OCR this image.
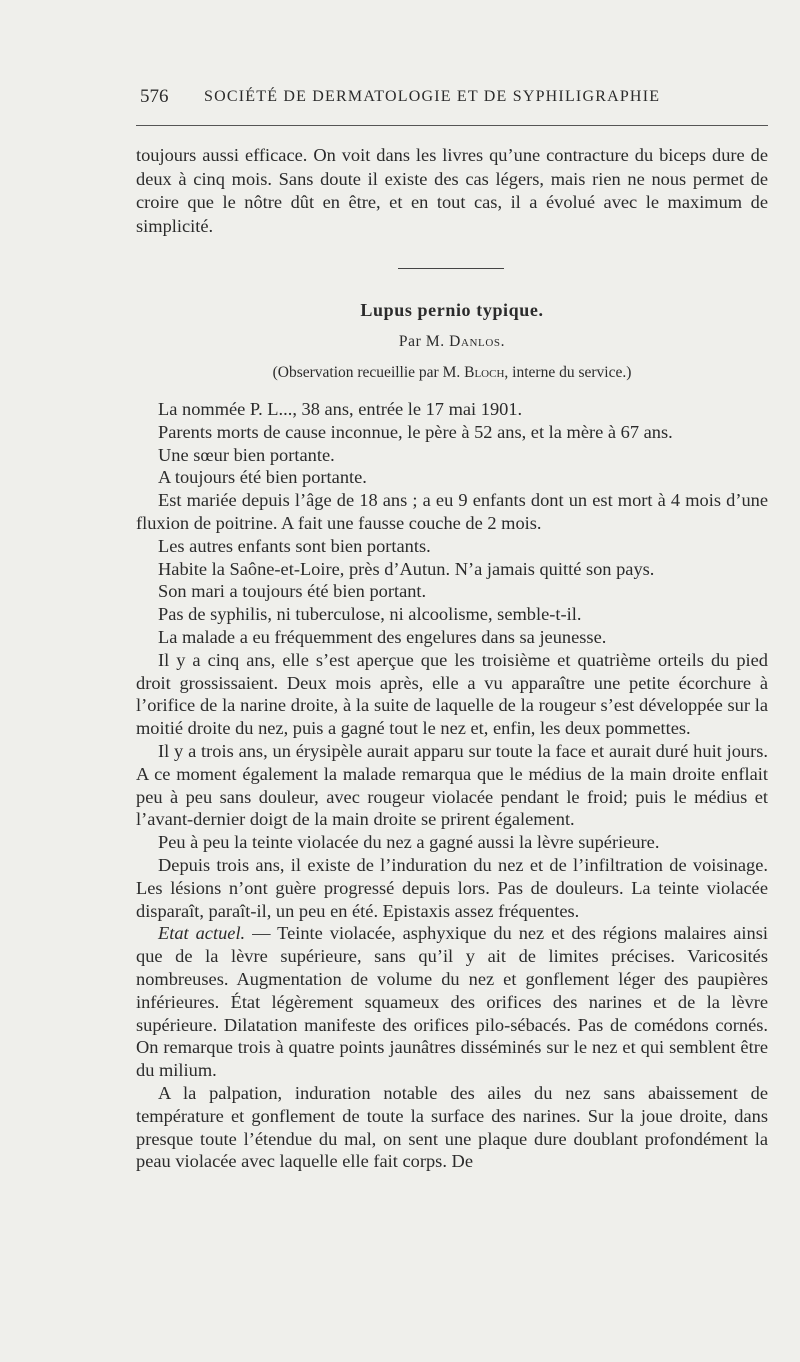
576 SOCIÉTÉ DE DERMATOLOGIE ET DE SYPHILIGRAPHIE

toujours aussi efficace. On voit dans les livres qu’une contracture du biceps dure de deux à cinq mois. Sans doute il existe des cas légers, mais rien ne nous permet de croire que le nôtre dût en être, et en tout cas, il a évolué avec le maximum de simplicité.

Lupus pernio typique.
Par M. Danlos.
(Observation recueillie par M. Bloch, interne du service.)

La nommée P. L..., 38 ans, entrée le 17 mai 1901.

Parents morts de cause inconnue, le père à 52 ans, et la mère à 67 ans.

Une sœur bien portante.

A toujours été bien portante.

Est mariée depuis l’âge de 18 ans ; a eu 9 enfants dont un est mort à 4 mois d’une fluxion de poitrine. A fait une fausse couche de 2 mois.

Les autres enfants sont bien portants.

Habite la Saône-et-Loire, près d’Autun. N’a jamais quitté son pays.

Son mari a toujours été bien portant.

Pas de syphilis, ni tuberculose, ni alcoolisme, semble-t-il.

La malade a eu fréquemment des engelures dans sa jeunesse.

Il y a cinq ans, elle s’est aperçue que les troisième et quatrième orteils du pied droit grossissaient. Deux mois après, elle a vu apparaître une petite écorchure à l’orifice de la narine droite, à la suite de laquelle de la rougeur s’est développée sur la moitié droite du nez, puis a gagné tout le nez et, enfin, les deux pommettes.

Il y a trois ans, un érysipèle aurait apparu sur toute la face et aurait duré huit jours. A ce moment également la malade remarqua que le médius de la main droite enflait peu à peu sans douleur, avec rougeur violacée pendant le froid; puis le médius et l’avant-dernier doigt de la main droite se prirent également.

Peu à peu la teinte violacée du nez a gagné aussi la lèvre supérieure.

Depuis trois ans, il existe de l’induration du nez et de l’infiltration de voisinage. Les lésions n’ont guère progressé depuis lors. Pas de douleurs. La teinte violacée disparaît, paraît-il, un peu en été. Epistaxis assez fréquentes.

Etat actuel. — Teinte violacée, asphyxique du nez et des régions malaires ainsi que de la lèvre supérieure, sans qu’il y ait de limites précises. Varicosités nombreuses. Augmentation de volume du nez et gonflement léger des paupières inférieures. État légèrement squameux des orifices des narines et de la lèvre supérieure. Dilatation manifeste des orifices pilo-sébacés. Pas de comédons cornés. On remarque trois à quatre points jaunâtres disséminés sur le nez et qui semblent être du milium.

A la palpation, induration notable des ailes du nez sans abaissement de température et gonflement de toute la surface des narines. Sur la joue droite, dans presque toute l’étendue du mal, on sent une plaque dure doublant profondément la peau violacée avec laquelle elle fait corps. De
